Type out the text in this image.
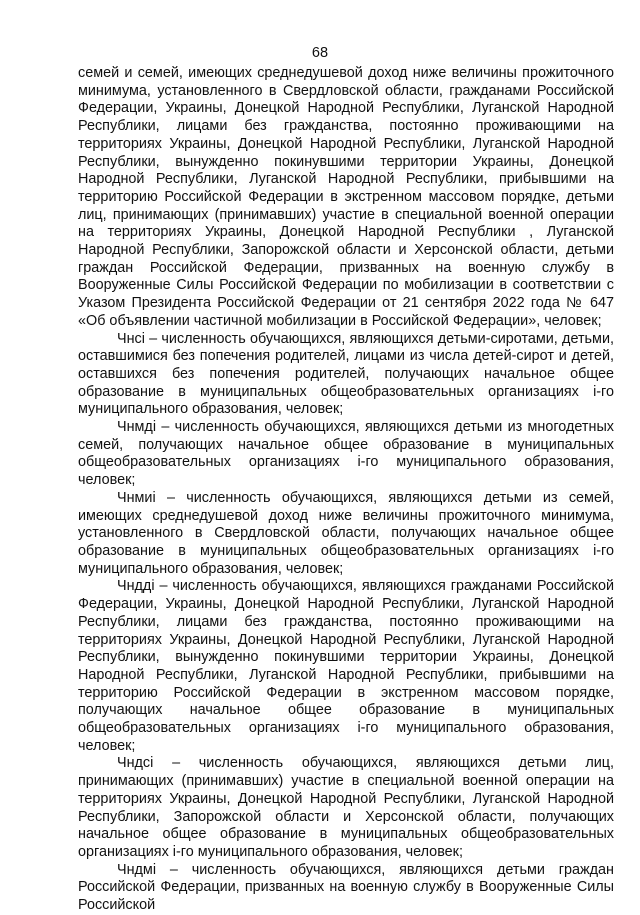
68

семей и семей, имеющих среднедушевой доход ниже величины прожиточного минимума, установленного в Свердловской области, гражданами Российской Федерации, Украины, Донецкой Народной Республики, Луганской Народной Республики, лицами без гражданства, постоянно проживающими на территориях Украины, Донецкой Народной Республики, Луганской Народной Республики, вынужденно покинувшими территории Украины, Донецкой Народной Республики, Луганской Народной Республики, прибывшими на территорию Российской Федерации в экстренном массовом порядке, детьми лиц, принимающих (принимавших) участие в специальной военной операции на территориях Украины, Донецкой Народной Республики , Луганской Народной Республики, Запорожской области и Херсонской области, детьми граждан Российской Федерации, призванных на военную службу в Вооруженные Силы Российской Федерации по мобилизации в соответствии с Указом Президента Российской Федерации от 21 сентября 2022 года № 647 «Об объявлении частичной мобилизации в Российской Федерации», человек;

Чнсi – численность обучающихся, являющихся детьми-сиротами, детьми, оставшимися без попечения родителей, лицами из числа детей-сирот и детей, оставшихся без попечения родителей, получающих начальное общее образование в муниципальных общеобразовательных организациях i-го муниципального образования, человек;

Чнмдi – численность обучающихся, являющихся детьми из многодетных семей, получающих начальное общее образование в муниципальных общеобразовательных организациях i-го муниципального образования, человек;

Чнмиi – численность обучающихся, являющихся детьми из семей, имеющих среднедушевой доход ниже величины прожиточного минимума, установленного в Свердловской области, получающих начальное общее образование в муниципальных общеобразовательных организациях i-го муниципального образования, человек;

Чндді – численность обучающихся, являющихся гражданами Российской Федерации, Украины, Донецкой Народной Республики, Луганской Народной Республики, лицами без гражданства, постоянно проживающими на территориях Украины, Донецкой Народной Республики, Луганской Народной Республики, вынужденно покинувшими территории Украины, Донецкой Народной Республики, Луганской Народной Республики, прибывшими на территорию Российской Федерации в экстренном массовом порядке, получающих начальное общее образование в муниципальных общеобразовательных организациях i-го муниципального образования, человек;

Чндсi – численность обучающихся, являющихся детьми лиц, принимающих (принимавших) участие в специальной военной операции на территориях Украины, Донецкой Народной Республики, Луганской Народной Республики, Запорожской области и Херсонской области, получающих начальное общее образование в муниципальных общеобразовательных организациях i-го муниципального образования, человек;

Чндмi – численность обучающихся, являющихся детьми граждан Российской Федерации, призванных на военную службу в Вооруженные Силы Российской
